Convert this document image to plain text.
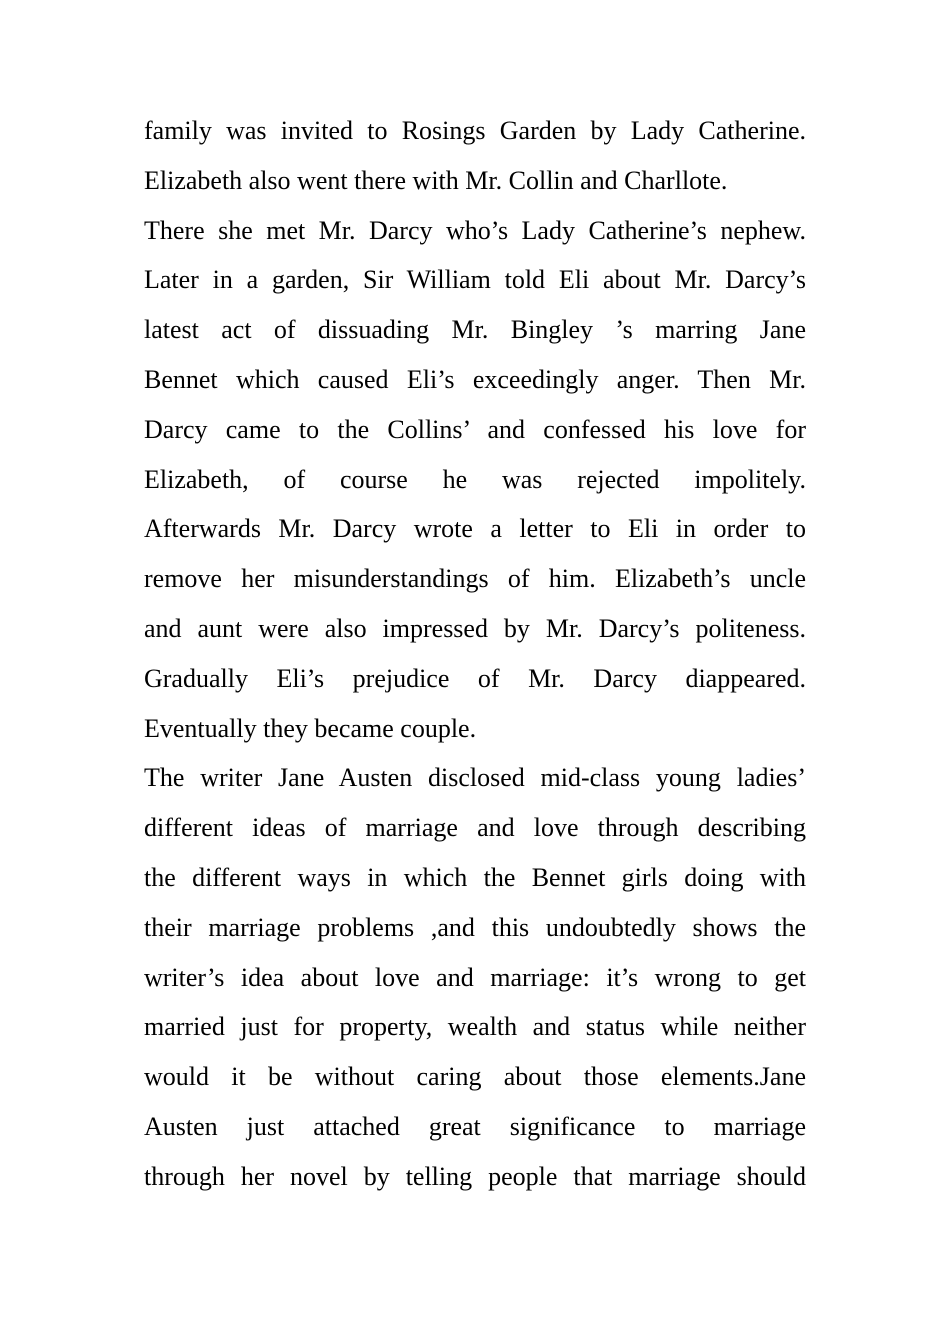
family was invited to Rosings Garden by Lady Catherine.
Elizabeth also went there with Mr. Collin and Charllote.
There she met Mr. Darcy who’s Lady Catherine’s nephew.
Later in a garden, Sir William told Eli about Mr. Darcy’s
latest act of dissuading Mr. Bingley ’s marring Jane
Bennet which caused Eli’s exceedingly anger. Then Mr.
Darcy came to the Collins’ and confessed his love for
Elizabeth, of course he was rejected impolitely.
Afterwards Mr. Darcy wrote a letter to Eli in order to
remove her misunderstandings of him. Elizabeth’s uncle
and aunt were also impressed by Mr. Darcy’s politeness.
Gradually Eli’s prejudice of Mr. Darcy diappeared.
Eventually they became couple.
The writer Jane Austen disclosed mid-class young ladies’
different ideas of marriage and love through describing
the different ways in which the Bennet girls doing with
their marriage problems ,and this undoubtedly shows the
writer’s idea about love and marriage: it’s wrong to get
married just for property, wealth and status while neither
would it be without caring about those elements.Jane
Austen just attached great significance to marriage
through her novel by telling people that marriage should
